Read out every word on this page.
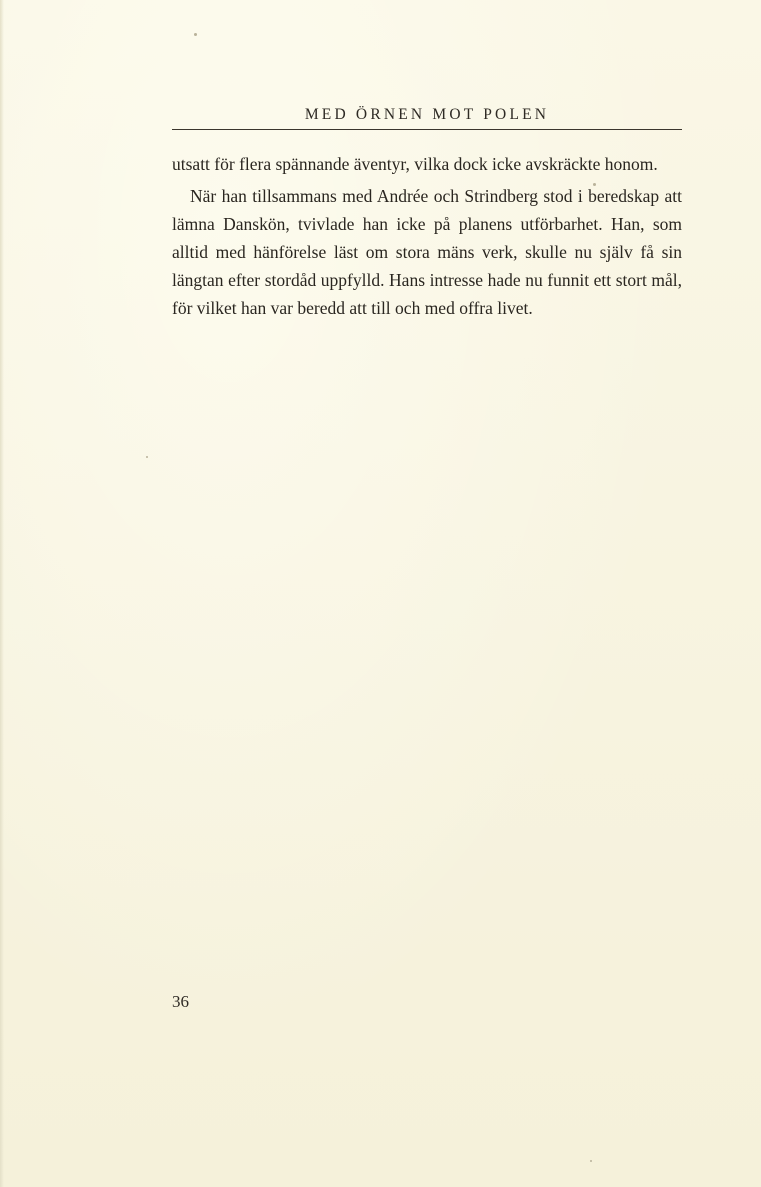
MED ÖRNEN MOT POLEN

utsatt för flera spännande äventyr, vilka dock icke avskräckte honom.

När han tillsammans med Andrée och Strindberg stod i beredskap att lämna Danskön, tvivlade han icke på planens utförbarhet. Han, som alltid med hänförelse läst om stora mäns verk, skulle nu själv få sin längtan efter stordåd uppfylld. Hans intresse hade nu funnit ett stort mål, för vilket han var beredd att till och med offra livet.

36
